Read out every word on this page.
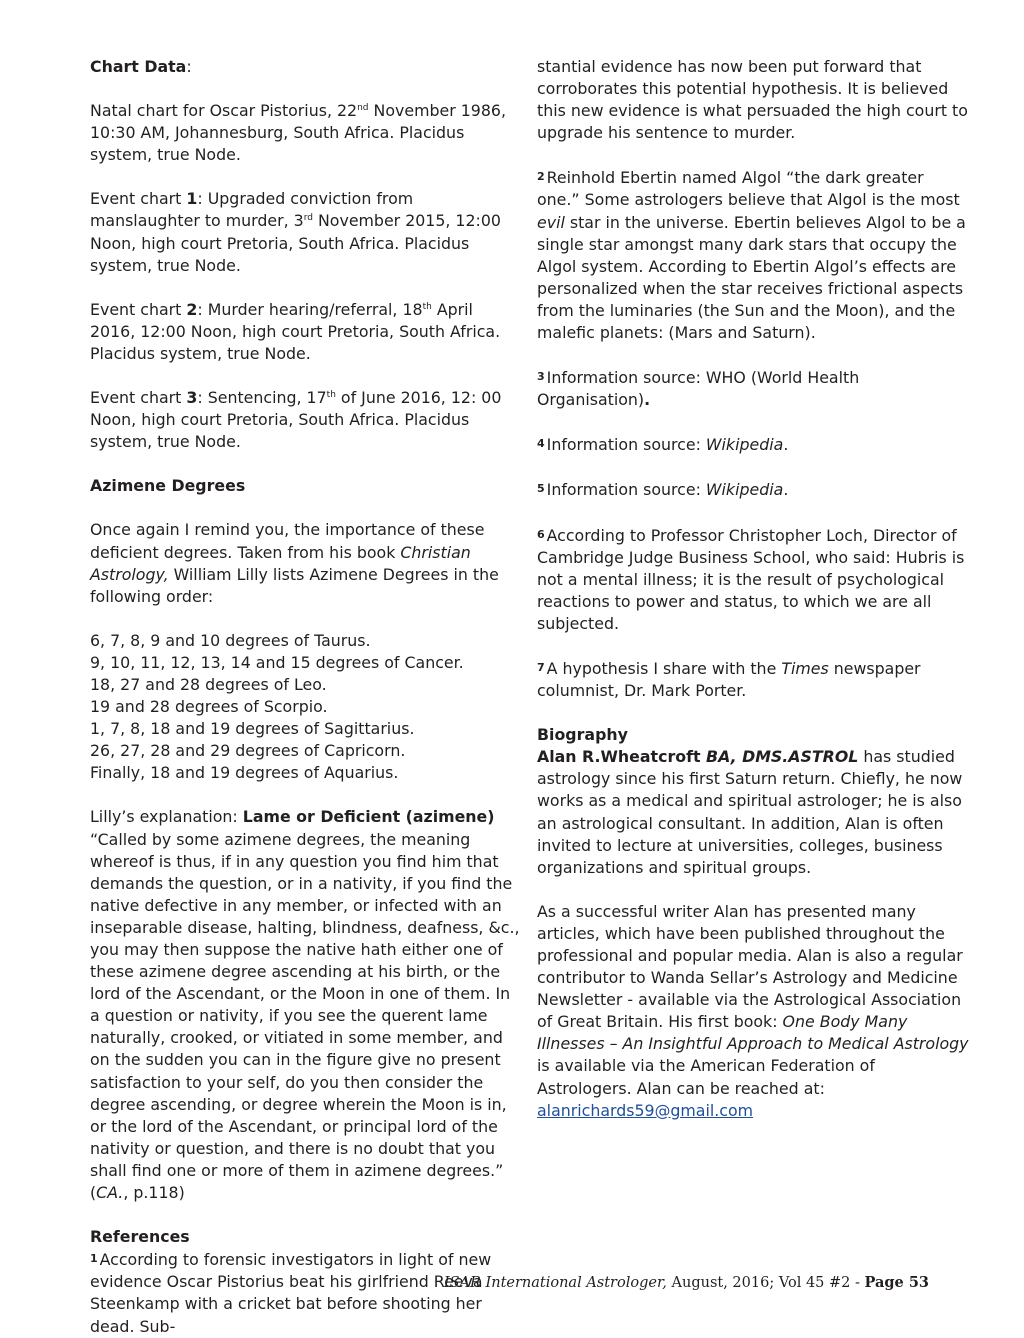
Chart Data:

Natal chart for Oscar Pistorius, 22nd November 1986, 10:30 AM, Johannesburg, South Africa. Placidus system, true Node.

Event chart 1: Upgraded conviction from manslaughter to murder, 3rd November 2015, 12:00 Noon, high court Pretoria, South Africa. Placidus system, true Node.

Event chart 2: Murder hearing/referral, 18th April 2016, 12:00 Noon, high court Pretoria, South Africa. Placidus system, true Node.

Event chart 3: Sentencing, 17th of June 2016, 12: 00 Noon, high court Pretoria, South Africa. Placidus system, true Node.

Azimene Degrees

Once again I remind you, the importance of these deficient degrees. Taken from his book Christian Astrology, William Lilly lists Azimene Degrees in the following order:

6, 7, 8, 9 and 10 degrees of Taurus.
9, 10, 11, 12, 13, 14 and 15 degrees of Cancer.
18, 27 and 28 degrees of Leo.
19 and 28 degrees of Scorpio.
1, 7, 8, 18 and 19 degrees of Sagittarius.
26, 27, 28 and 29 degrees of Capricorn.
Finally, 18 and 19 degrees of Aquarius.

Lilly’s explanation: Lame or Deficient (azimene)
“Called by some azimene degrees, the meaning whereof is thus, if in any question you find him that demands the question, or in a nativity, if you find the native defective in any member, or infected with an inseparable disease, halting, blindness, deafness, &c., you may then suppose the native hath either one of these azimene degree ascending at his birth, or the lord of the Ascendant, or the Moon in one of them. In a question or nativity, if you see the querent lame naturally, crooked, or vitiated in some member, and on the sudden you can in the figure give no present satisfaction to your self, do you then consider the degree ascending, or degree wherein the Moon is in, or the lord of the Ascendant, or principal lord of the nativity or question, and there is no doubt that you shall find one or more of them in azimene degrees.” (CA., p.118)

References
1 According to forensic investigators in light of new evidence Oscar Pistorius beat his girlfriend Reeva Steenkamp with a cricket bat before shooting her dead. Sub-

stantial evidence has now been put forward that corroborates this potential hypothesis. It is believed this new evidence is what persuaded the high court to upgrade his sentence to murder.

2 Reinhold Ebertin named Algol “the dark greater one.” Some astrologers believe that Algol is the most evil star in the universe. Ebertin believes Algol to be a single star amongst many dark stars that occupy the Algol system. According to Ebertin Algol’s effects are personalized when the star receives frictional aspects from the luminaries (the Sun and the Moon), and the malefic planets: (Mars and Saturn).

3 Information source: WHO (World Health Organisation).

4 Information source: Wikipedia.

5 Information source: Wikipedia.

6 According to Professor Christopher Loch, Director of Cambridge Judge Business School, who said: Hubris is not a mental illness; it is the result of psychological reactions to power and status, to which we are all subjected.

7 A hypothesis I share with the Times newspaper columnist, Dr. Mark Porter.

Biography
Alan R.Wheatcroft BA, DMS.ASTROL has studied astrology since his first Saturn return. Chiefly, he now works as a medical and spiritual astrologer; he is also an astrological consultant. In addition, Alan is often invited to lecture at universities, colleges, business organizations and spiritual groups.

As a successful writer Alan has presented many articles, which have been published throughout the professional and popular media. Alan is also a regular contributor to Wanda Sellar’s Astrology and Medicine Newsletter - available via the Astrological Association of Great Britain. His first book: One Body Many Illnesses – An Insightful Approach to Medical Astrology is available via the American Federation of Astrologers. Alan can be reached at: alanrichards59@gmail.com

ISAR International Astrologer, August, 2016; Vol 45 #2 - Page 53
